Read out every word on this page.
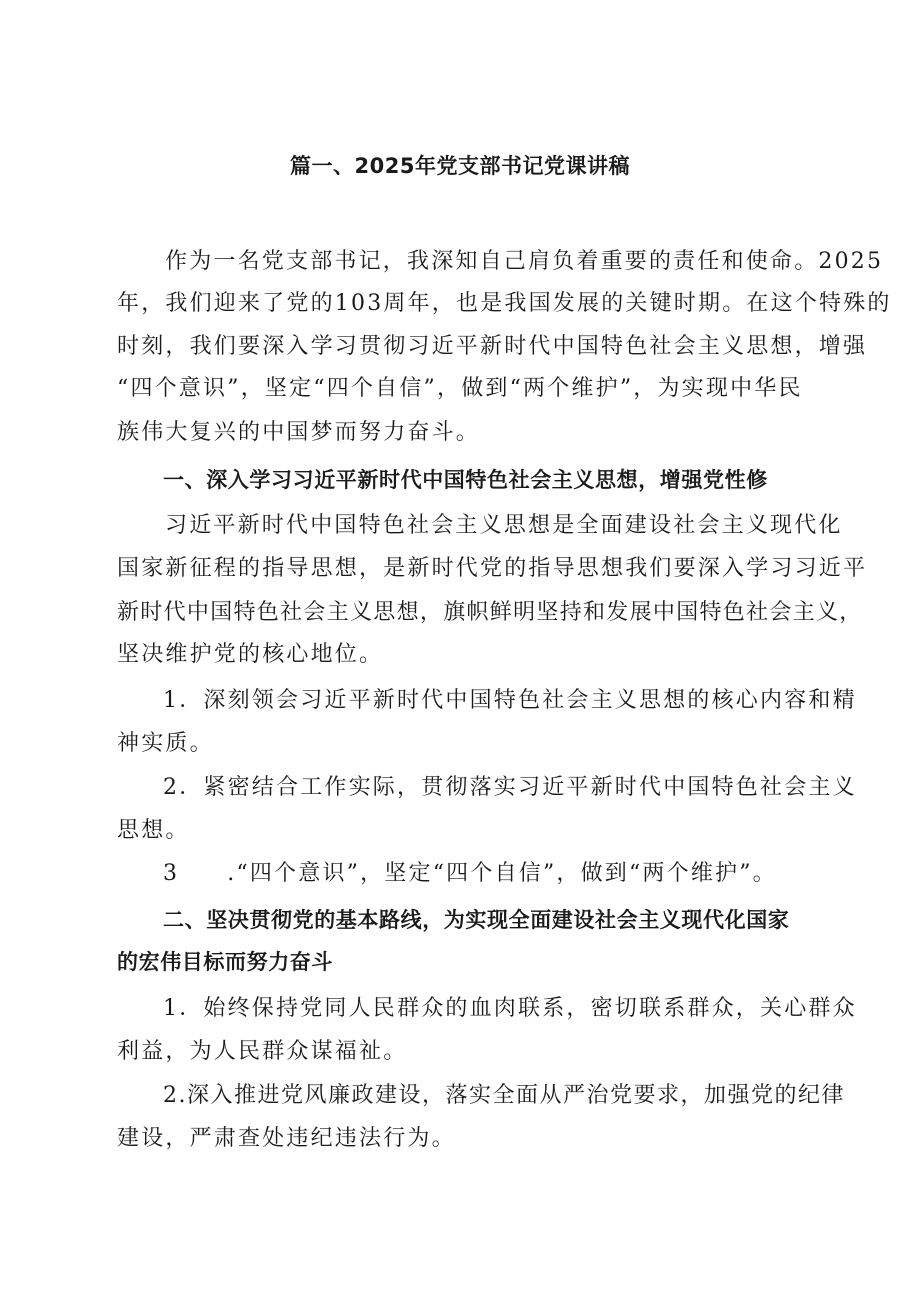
篇一、2025年党支部书记党课讲稿

作为一名党支部书记，我深知自己肩负着重要的责任和使命。2025

年，我们迎来了党的103周年，也是我国发展的关键时期。在这个特殊的

时刻，我们要深入学习贯彻习近平新时代中国特色社会主义思想，增强

“四个意识”，坚定“四个自信”，做到“两个维护”，为实现中华民

族伟大复兴的中国梦而努力奋斗。

一、深入学习习近平新时代中国特色社会主义思想，增强党性修

习近平新时代中国特色社会主义思想是全面建设社会主义现代化

国家新征程的指导思想，是新时代党的指导思想我们要深入学习习近平

新时代中国特色社会主义思想，旗帜鲜明坚持和发展中国特色社会主义，

坚决维护党的核心地位。

1．深刻领会习近平新时代中国特色社会主义思想的核心内容和精

神实质。

2．紧密结合工作实际，贯彻落实习近平新时代中国特色社会主义

思想。

3 .“四个意识”，坚定“四个自信”，做到“两个维护”。

二、坚决贯彻党的基本路线，为实现全面建设社会主义现代化国家

的宏伟目标而努力奋斗

1．始终保持党同人民群众的血肉联系，密切联系群众，关心群众

利益，为人民群众谋福祉。

2.深入推进党风廉政建设，落实全面从严治党要求，加强党的纪律

建设，严肃查处违纪违法行为。
